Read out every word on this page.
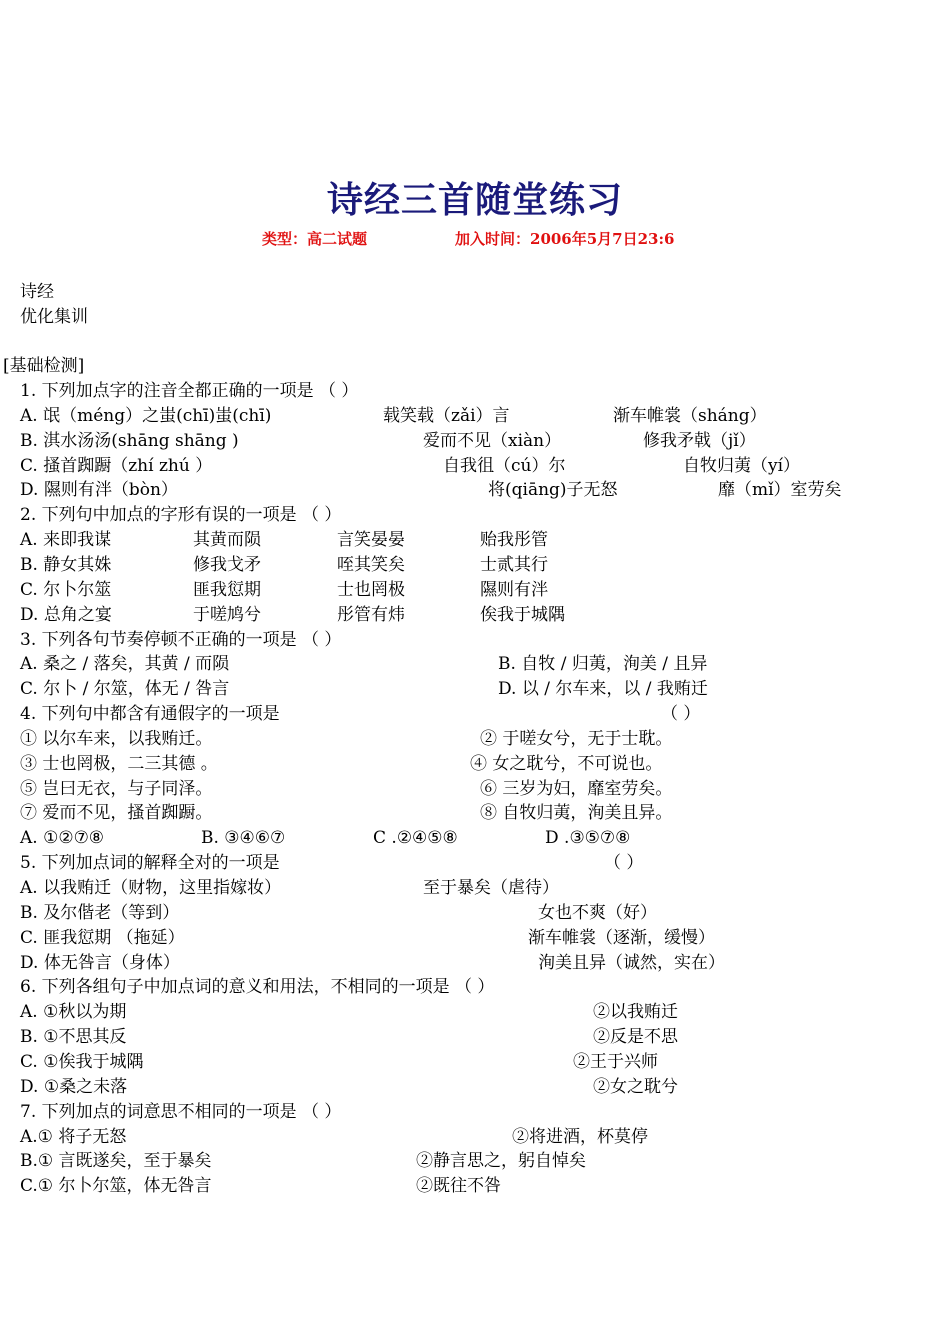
诗经三首随堂练习
类型：高二试题	加入时间：2006年5月7日23:6
诗经
优化集训
[基础检测]
1. 下列加点字的注音全都正确的一项是 （ ）
A. 氓（méng）之蚩(chī)蚩(chī)	载笑载（zǎi）言	渐车帷裳（sháng）
B. 淇水汤汤(shāng shāng )	爱而不见（xiàn）	修我矛戟（jǐ）
C. 搔首踟蹰（zhí zhú ）	自我徂（cú）尔	自牧归荑（yí）
D. 隰则有泮（bòn）	将(qiāng)子无怒	靡（mǐ）室劳矣
2. 下列句中加点的字形有误的一项是 （ ）
A. 来即我谋	其黄而陨	言笑晏晏	贻我彤管
B. 静女其姝	修我戈矛	咥其笑矣	士贰其行
C. 尔卜尔筮	匪我愆期	士也罔极	隰则有泮
D. 总角之宴	于嗟鸠兮	彤管有炜	俟我于城隅
3. 下列各句节奏停顿不正确的一项是 （ ）
A. 桑之 / 落矣，其黄 / 而陨	B. 自牧 / 归荑，洵美 / 且异
C. 尔卜 / 尔筮，体无 / 咎言	D. 以 / 尔车来，以 / 我贿迁
4. 下列句中都含有通假字的一项是	（ ）
① 以尔车来，以我贿迁。	② 于嗟女兮，无于士耽。
③ 士也罔极，二三其德 。	④ 女之耽兮，不可说也。
⑤ 岂曰无衣，与子同泽。	⑥ 三岁为妇，靡室劳矣。
⑦ 爱而不见，搔首踟蹰。	⑧ 自牧归荑，洵美且异。
A. ①②⑦⑧	B. ③④⑥⑦	C .②④⑤⑧	D .③⑤⑦⑧
5. 下列加点词的解释全对的一项是	（ ）
A. 以我贿迁（财物，这里指嫁妆）	至于暴矣（虐待）
B. 及尔偕老（等到）	女也不爽（好）
C. 匪我愆期 （拖延）	渐车帷裳（逐渐，缓慢）
D. 体无咎言（身体）	洵美且异（诚然，实在）
6. 下列各组句子中加点词的意义和用法，不相同的一项是 （ ）
A. ①秋以为期	②以我贿迁
B. ①不思其反	②反是不思
C. ①俟我于城隅	②王于兴师
D. ①桑之未落	②女之耽兮
7. 下列加点的词意思不相同的一项是 （ ）
A.① 将子无怒	②将进酒，杯莫停
B.① 言既遂矣，至于暴矣	②静言思之，躬自悼矣
C.① 尔卜尔筮，体无咎言	②既往不咎
